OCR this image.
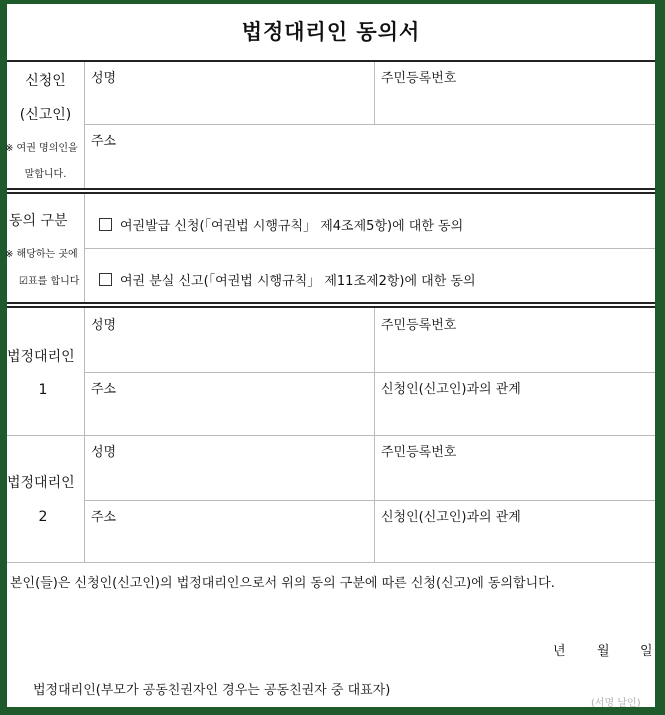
법정대리인 동의서
신청인
(신고인)
※ 여권 명의인을
말합니다.
성명	주민등록번호
주소
동의 구분
※ 해당하는 곳에
☑표를 합니다
여권발급 신청(「여권법 시행규칙」 제4조제5항)에 대한 동의
여권 분실 신고(「여권법 시행규칙」 제11조제2항)에 대한 동의
법정대리인
1
성명	주민등록번호
주소	신청인(신고인)과의 관계
법정대리인
2
성명	주민등록번호
주소	신청인(신고인)과의 관계
본인(들)은 신청인(신고인)의 법정대리인으로서 위의 동의 구분에 따른 신청(신고)에 동의합니다.
년 월 일
법정대리인(부모가 공동친권자인 경우는 공동친권자 중 대표자)
(서명 날인)
